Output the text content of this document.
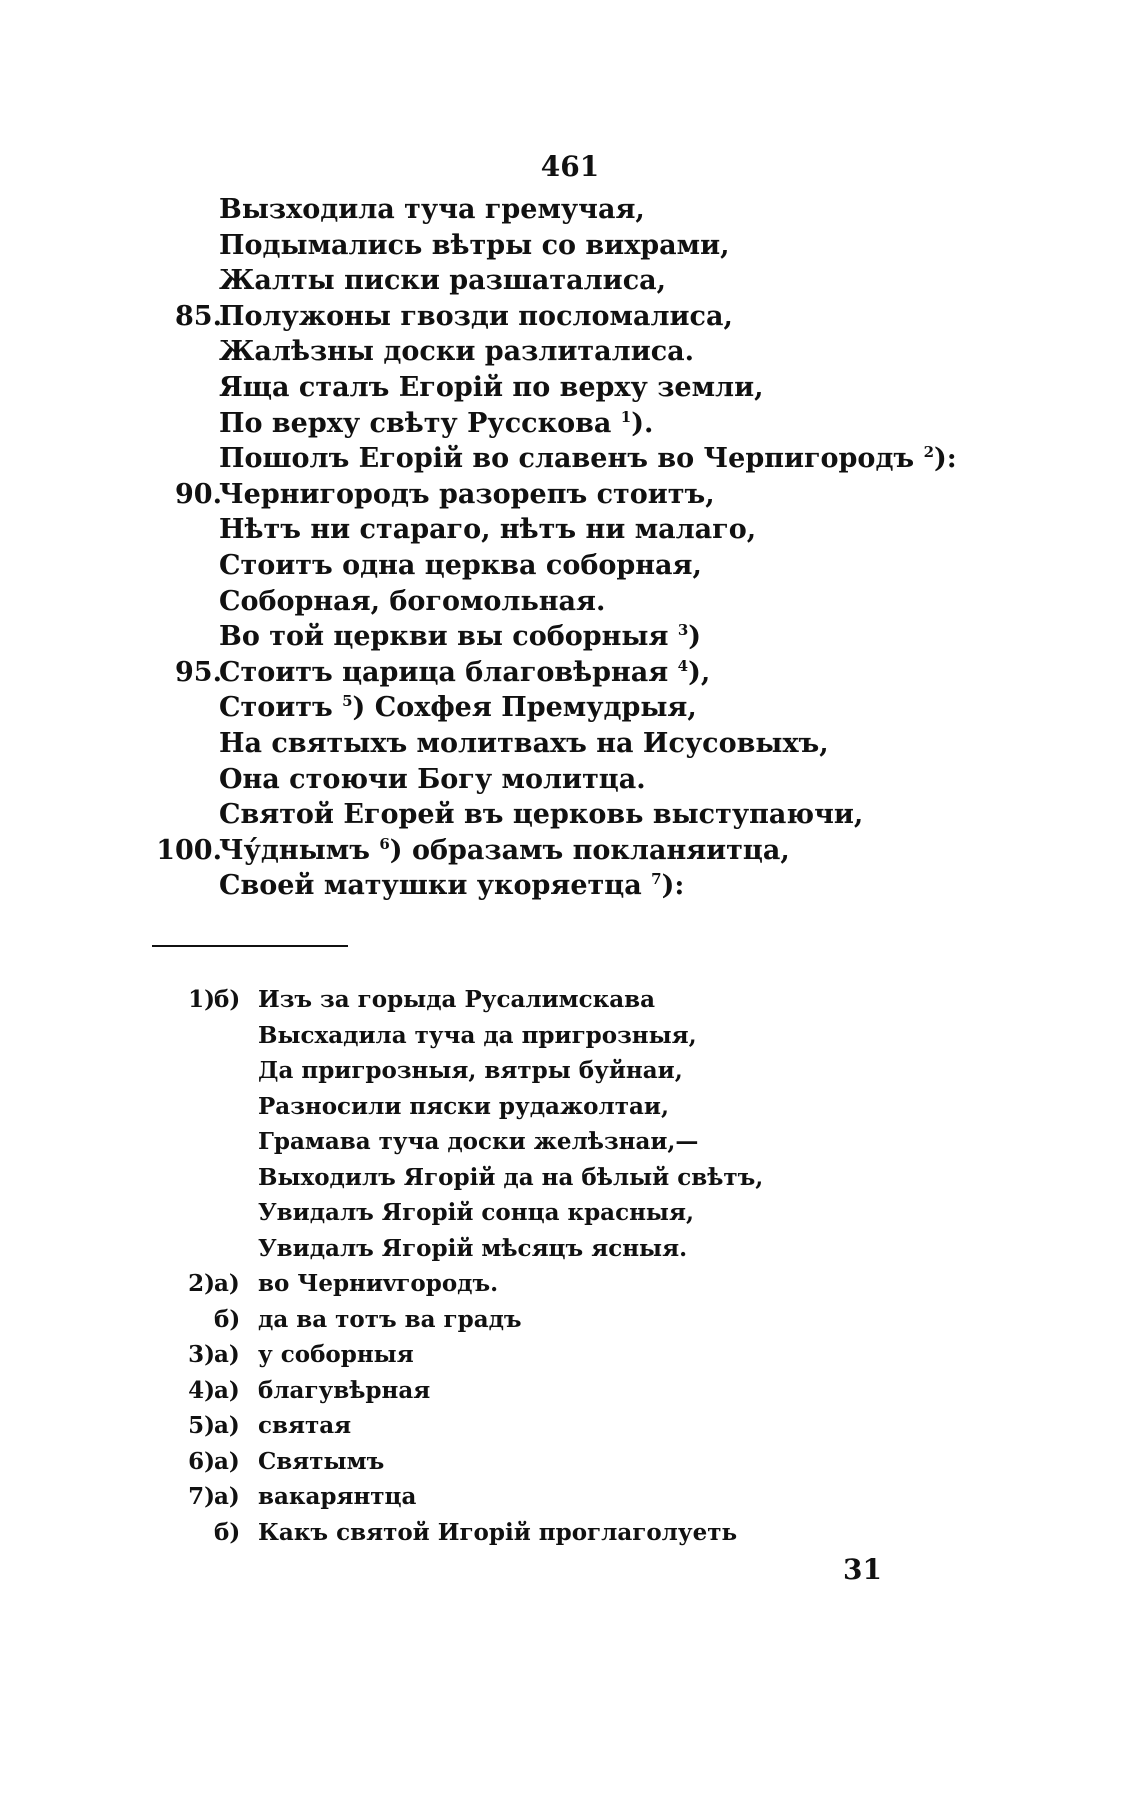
461
Вызходила туча гремучая,
Подымались вѣтры со вихрами,
Жалты писки разшаталиса,
85.
Полужоны гвозди посломалиса,
Жалѣзны доски разлиталиса.
Яща сталъ Егорій по верху земли,
По верху свѣту Русскова $^1$).
Пошолъ Егорій во славенъ во Черпигородъ $^2$):
90.
Чернигородъ разорепъ стоитъ,
Нѣтъ ни стараго, нѣтъ ни малаго,
Стоитъ одна церква соборная,
Соборная, богомольная.
Во той церкви вы соборныя $^3$)
95.
Стоитъ царица благовѣрная $^4$),
Стоитъ $^5$) Сохфея Премудрыя,
На святыхъ молитвахъ на Исусовыхъ,
Она стоючи Богу молитца.
Святой Егорей въ церковь выступаючи,
100.
Чу́днымъ $^6$) образамъ покланяитца,
Своей матушки укоряетца $^7$):
1) б) Изъ за горыда Русалимскава
Высхадила туча да пригрозныя,
Да пригрозныя, вятры буйнаи,
Разносили пяски рудажолтаи,
Грамава туча доски желѣзнаи,—
Выходилъ Ягорій да на бѣлый свѣтъ,
Увидалъ Ягорій сонца красныя,
Увидалъ Ягорій мѣсяцъ ясныя.
2) а) во Черниvгородъ.
б) да ва тотъ ва градъ
3) а) у соборныя
4) а) благувѣрная
5) а) святая
6) а) Святымъ
7) а) вакарянтца
б) Какъ святой Игорій проглаголуеть
31
